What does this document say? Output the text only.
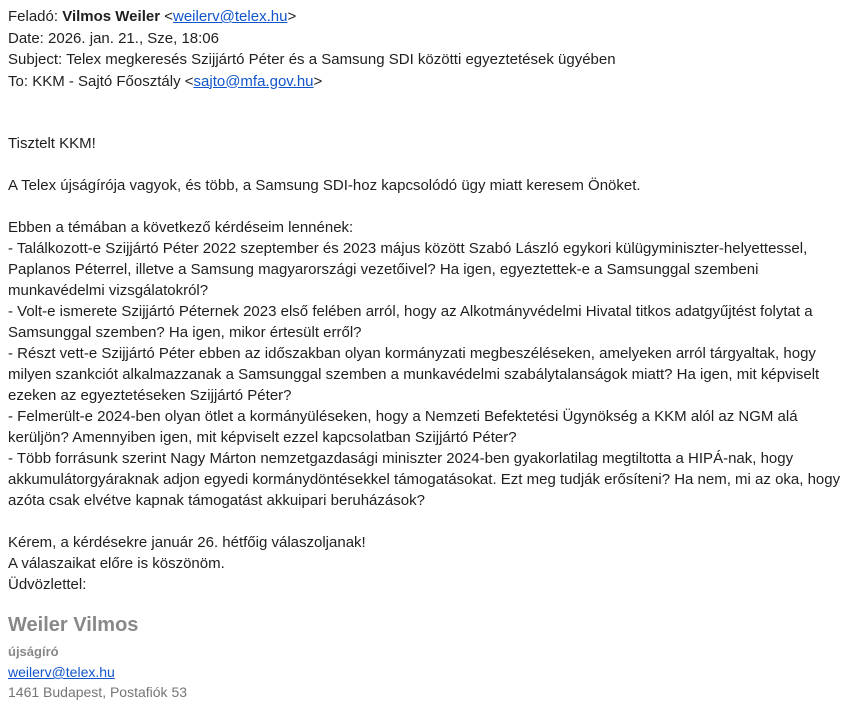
Feladó: Vilmos Weiler <weilerv@telex.hu>

Date: 2026. jan. 21., Sze, 18:06

Subject: Telex megkeresés Szijjártó Péter és a Samsung SDI közötti egyeztetések ügyében

To: KKM - Sajtó Főosztály <sajto@mfa.gov.hu>

Tisztelt KKM!

A Telex újságírója vagyok, és több, a Samsung SDI-hoz kapcsolódó ügy miatt keresem Önöket.

Ebben a témában a következő kérdéseim lennének:

- Találkozott-e Szijjártó Péter 2022 szeptember és 2023 május között Szabó László egykori külügyminiszter-helyettessel, Paplanos Péterrel, illetve a Samsung magyarországi vezetőivel? Ha igen, egyeztettek-e a Samsunggal szembeni munkavédelmi vizsgálatokról?

- Volt-e ismerete Szijjártó Péternek 2023 első felében arról, hogy az Alkotmányvédelmi Hivatal titkos adatgyűjtést folytat a Samsunggal szemben? Ha igen, mikor értesült erről?

- Részt vett-e Szijjártó Péter ebben az időszakban olyan kormányzati megbeszéléseken, amelyeken arról tárgyaltak, hogy milyen szankciót alkalmazzanak a Samsunggal szemben a munkavédelmi szabálytalanságok miatt? Ha igen, mit képviselt ezeken az egyeztetéseken Szijjártó Péter?

- Felmerült-e 2024-ben olyan ötlet a kormányüléseken, hogy a Nemzeti Befektetési Ügynökség a KKM alól az NGM alá kerüljön? Amennyiben igen, mit képviselt ezzel kapcsolatban Szijjártó Péter?

- Több forrásunk szerint Nagy Márton nemzetgazdasági miniszter 2024-ben gyakorlatilag megtiltotta a HIPÁ-nak, hogy akkumulátorgyáraknak adjon egyedi kormánydöntésekkel támogatásokat. Ezt meg tudják erősíteni? Ha nem, mi az oka, hogy azóta csak elvétve kapnak támogatást akkuipari beruházások?

Kérem, a kérdésekre január 26. hétfőig válaszoljanak!

A válaszaikat előre is köszönöm.

Üdvözlettel:

Weiler Vilmos

újságíró

weilerv@telex.hu

1461 Budapest, Postafiók 53
